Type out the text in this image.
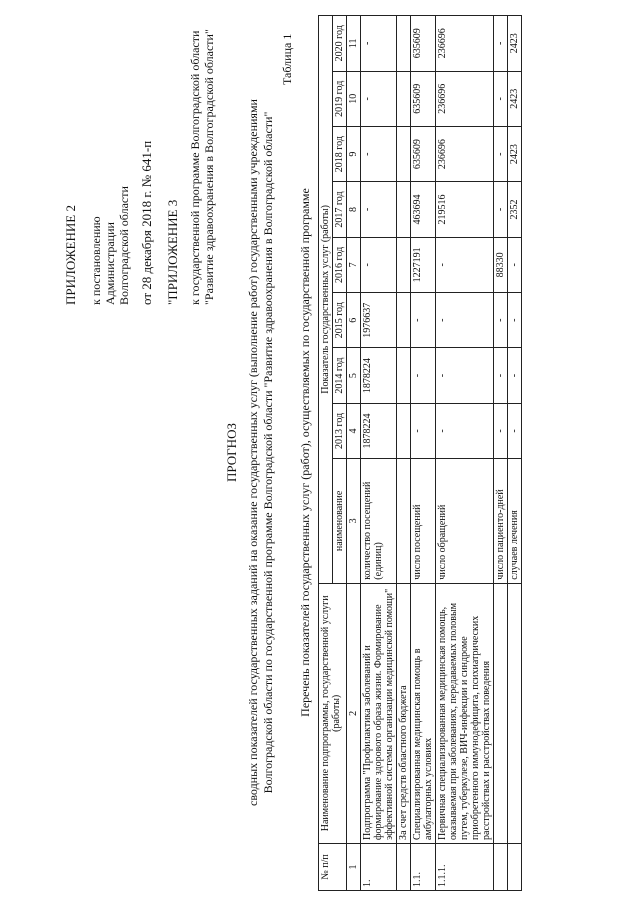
ПРИЛОЖЕНИЕ 2 к постановлению Администрации Волгоградской области от 28 декабря 2018 г. № 641-п "ПРИЛОЖЕНИЕ 3 к государственной программе Волгоградской области "Развитие здравоохранения в Волгоградской области"
ПРОГНОЗ сводных показателей государственных заданий на оказание государственных услуг (выполнение работ) государственными учреждениями Волгоградской области по государственной программе Волгоградской области "Развитие здравоохранения в Волгоградской области"
Таблица 1
Перечень показателей государственных услуг (работ), осуществляемых по государственной программе
№ п/п	Наименование подпрограммы, государственной услуги (работы)	Показатель государственных услуг (работы)								
		наименование	2013 год	2014 год	2015 год	2016 год	2017 год	2018 год	2019 год	2020 год
1	2	3	4	5	6	7	8	9	10	11
1.	Подпрограмма "Профилактика заболеваний и формирование здорового образа жизни. Формирование эффективной системы организации медицинской помощи"	количество посещений (единиц)	1878224	1878224	1976637	-	-	-	-	-
	За счет средств областного бюджета									
1.1.	Специализированная медицинская помощь в амбулаторных условиях	число посещений	-	-	-	1227191	463694	635609	635609	635609
1.1.1.	Первичная специализированная медицинская помощь, оказываемая при заболеваниях, передаваемых половым путем, туберкулезе, ВИЧ-инфекции и синдроме приобретенного иммунодефицита, психиатрических расстройствах и расстройствах поведения	число обращений	-	-	-	-	219516	236696	236696	236696
		число пациенто-дней	-	-	-	88330	-	-	-	-
		случаев лечения	-	-	-	-	2352	2423	2423	2423
